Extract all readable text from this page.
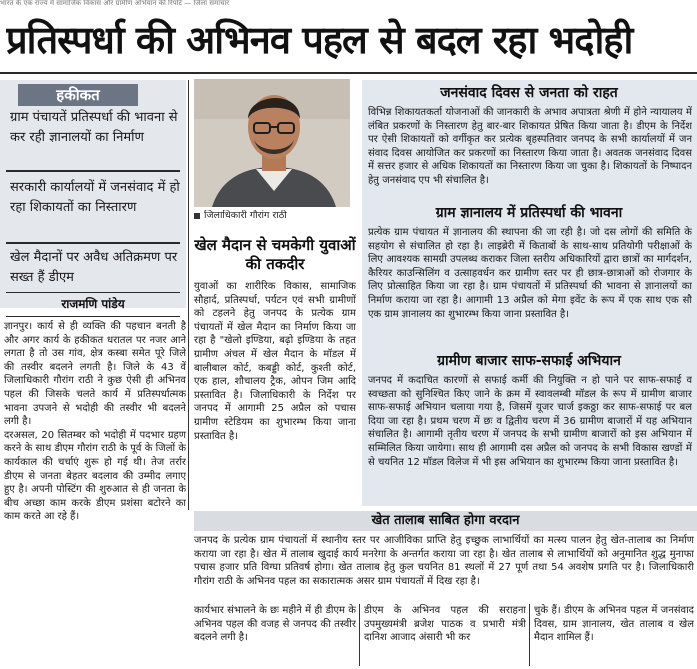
भारत के एक राज्य में सामाजिक विकास और ग्रामीण अभियान की रिपोर्ट — जिला समाचार
प्रतिस्पर्धा की अभिनव पहल से बदल रहा भदोही
हकीकत
ग्राम पंचायतें प्रतिस्पर्धा की भावना से कर रही ज्ञानालयों का निर्माण
सरकारी कार्यालयों में जनसंवाद में हो रहा शिकायतों का निस्तारण
खेल मैदानों पर अवैध अतिक्रमण पर सख्त हैं डीएम
राजमणि पांडेय
ज्ञानपुर। कार्य से ही व्यक्ति की पहचान बनती है और अगर कार्य के हकीकत धरातल पर नजर आने लगता है तो उस गांव, क्षेत्र कस्बा समेत पूरे जिले की तस्वीर बदलने लगती है। जिले के 43 वें जिलाधिकारी गौरांग राठी ने कुछ ऐसी ही अभिनव पहल की जिसके चलते कार्य में प्रतिस्पर्धात्मक भावना उपजने से भदोही की तस्वीर भी बदलने लगी है।
दरअसल, 20 सितम्बर को भदोही में पदभार ग्रहण करने के साथ डीएम गौरांग राठी के पूर्व के जिलों के कार्यकाल की चर्चाएं शुरू हो गई थी। तेज तर्रार डीएम से जनता बेहतर बदलाव की उम्मीद लगाए हुए है। अपनी पोस्टिंग की शुरुआत से ही जनता के बीच अच्छा काम करके डीएम प्रशंसा बटोरने का काम करते आ रहे हैं।
जिलाधिकारी गौरांग राठी
खेल मैदान से चमकेगी युवाओं की तकदीर
युवाओं का शारीरिक विकास, सामाजिक सौहार्द, प्रतिस्पर्धा, पर्यटन एवं सभी ग्रामीणों को टहलने हेतु जनपद के प्रत्येक ग्राम पंचायतों में खेल मैदान का निर्माण किया जा रहा है "खेलो इण्डिया, बढ़ो इण्डिया के तहत ग्रामीण अंचल में खेल मैदान के मॉडल में बालीबाल कोर्ट, कबड्डी कोर्ट, कुश्ती कोर्ट, एक हाल, शौचालय ट्रैक, ओपन जिम आदि प्रस्तावित है। जिलाधिकारी के निर्देश पर जनपद में आगामी 25 अप्रैल को पचास ग्रामीण स्टेडियम का शुभारम्भ किया जाना प्रस्तावित है।
जनसंवाद दिवस से जनता को राहत
विभिन्न शिकायतकर्ता योजनाओं की जानकारी के अभाव अपात्रता श्रेणी में होने न्यायालय में लंबित प्रकरणों के निस्तारण हेतु बार-बार शिकायत प्रेषित किया जाता है। डीएम के निर्देश पर ऐसी शिकायतों को वर्गीकृत कर प्रत्येक बृहस्पतिवार जनपद के सभी कार्यालयों में जन संवाद दिवस आयोजित कर प्रकरणों का निस्तारण किया जाता है। अवतक जनसंवाद दिवस में सत्तर हजार से अधिक शिकायतों का निस्तारण किया जा चुका है। शिकायतों के निष्पादन हेतु जनसंवाद एप भी संचालित है।
ग्राम ज्ञानालय में प्रतिस्पर्धा की भावना
प्रत्येक ग्राम पंचायत में ज्ञानालय की स्थापना की जा रही है। जो दस लोगों की समिति के सहयोग से संचालित हो रहा है। लाइब्रेरी में किताबों के साथ-साथ प्रतियोगी परीक्षाओं के लिए आवश्यक सामग्री उपलब्ध कराकर जिला स्तरीय अधिकारियों द्वारा छात्रों का मार्गदर्शन, कैरियर काउन्सिलिंग व उत्साहवर्धन कर ग्रामीण स्तर पर ही छात्र-छात्राओं को रोजगार के लिए प्रोत्साहित किया जा रहा है। ग्राम पंचायतों में प्रतिस्पर्धा की भावना से ज्ञानालयों का निर्माण कराया जा रहा है। आगामी 13 अप्रैल को मेगा इवेंट के रूप में एक साथ एक सौ एक ग्राम ज्ञानालय का शुभारम्भ किया जाना प्रस्तावित है।
ग्रामीण बाजार साफ-सफाई अभियान
जनपद में कदाचित कारणों से सफाई कर्मी की नियुक्ति न हो पाने पर साफ-सफाई व स्वच्छता को सुनिश्चित किए जाने के क्रम में स्वावलम्बी मॉडल के रूप में ग्रामीण बाजार साफ-सफाई अभियान चलाया गया है, जिसमें यूजर चार्ज इकठ्ठा कर साफ-सफाई पर बल दिया जा रहा है। प्रथम चरण में छः व द्वितीय चरण में 36 ग्रामीण बाजारों में यह अभियान संचालित है। आगामी तृतीय चरण में जनपद के सभी ग्रामीण बाजारों को इस अभियान में सम्मिलित किया जायेगा। साथ ही आगामी दस अप्रैल को जनपद के सभी विकास खण्डों में से चयनित 12 मॉडल विलेज में भी इस अभियान का शुभारम्भ किया जाना प्रस्तावित है।
खेत तालाब साबित होगा वरदान
जनपद के प्रत्येक ग्राम पंचायतों में स्थानीय स्तर पर आजीविका प्राप्ति हेतु इच्छुक लाभार्थियों का मत्स्य पालन हेतु खेत-तालाब का निर्माण कराया जा रहा है। खेत में तालाब खुदाई कार्य मनरेगा के अन्तर्गत कराया जा रहा है। खेत तालाब से लाभार्थियों को अनुमानित शुद्ध मुनाफा पचास हजार प्रति विग्घा प्रतिवर्ष होगा। खेत तालाब हेतु कुल चयनित 81 स्थलों में 27 पूर्ण तथा 54 अवशेष प्रगति पर है। जिलाधिकारी गौरांग राठी के अभिनव पहल का सकारात्मक असर ग्राम पंचायतों में दिख रहा है।
कार्यभार संभालने के छः महीने में ही डीएम के अभिनव पहल की वजह से जनपद की तस्वीर बदलने लगी है।
डीएम के अभिनव पहल की सराहना उपमुख्यमंत्री ब्रजेश पाठक व प्रभारी मंत्री दानिश आजाद अंसारी भी कर
चुके हैं। डीएम के अभिनव पहल में जनसंवाद दिवस, ग्राम ज्ञानालय, खेत तालाब व खेल मैदान शामिल हैं।
